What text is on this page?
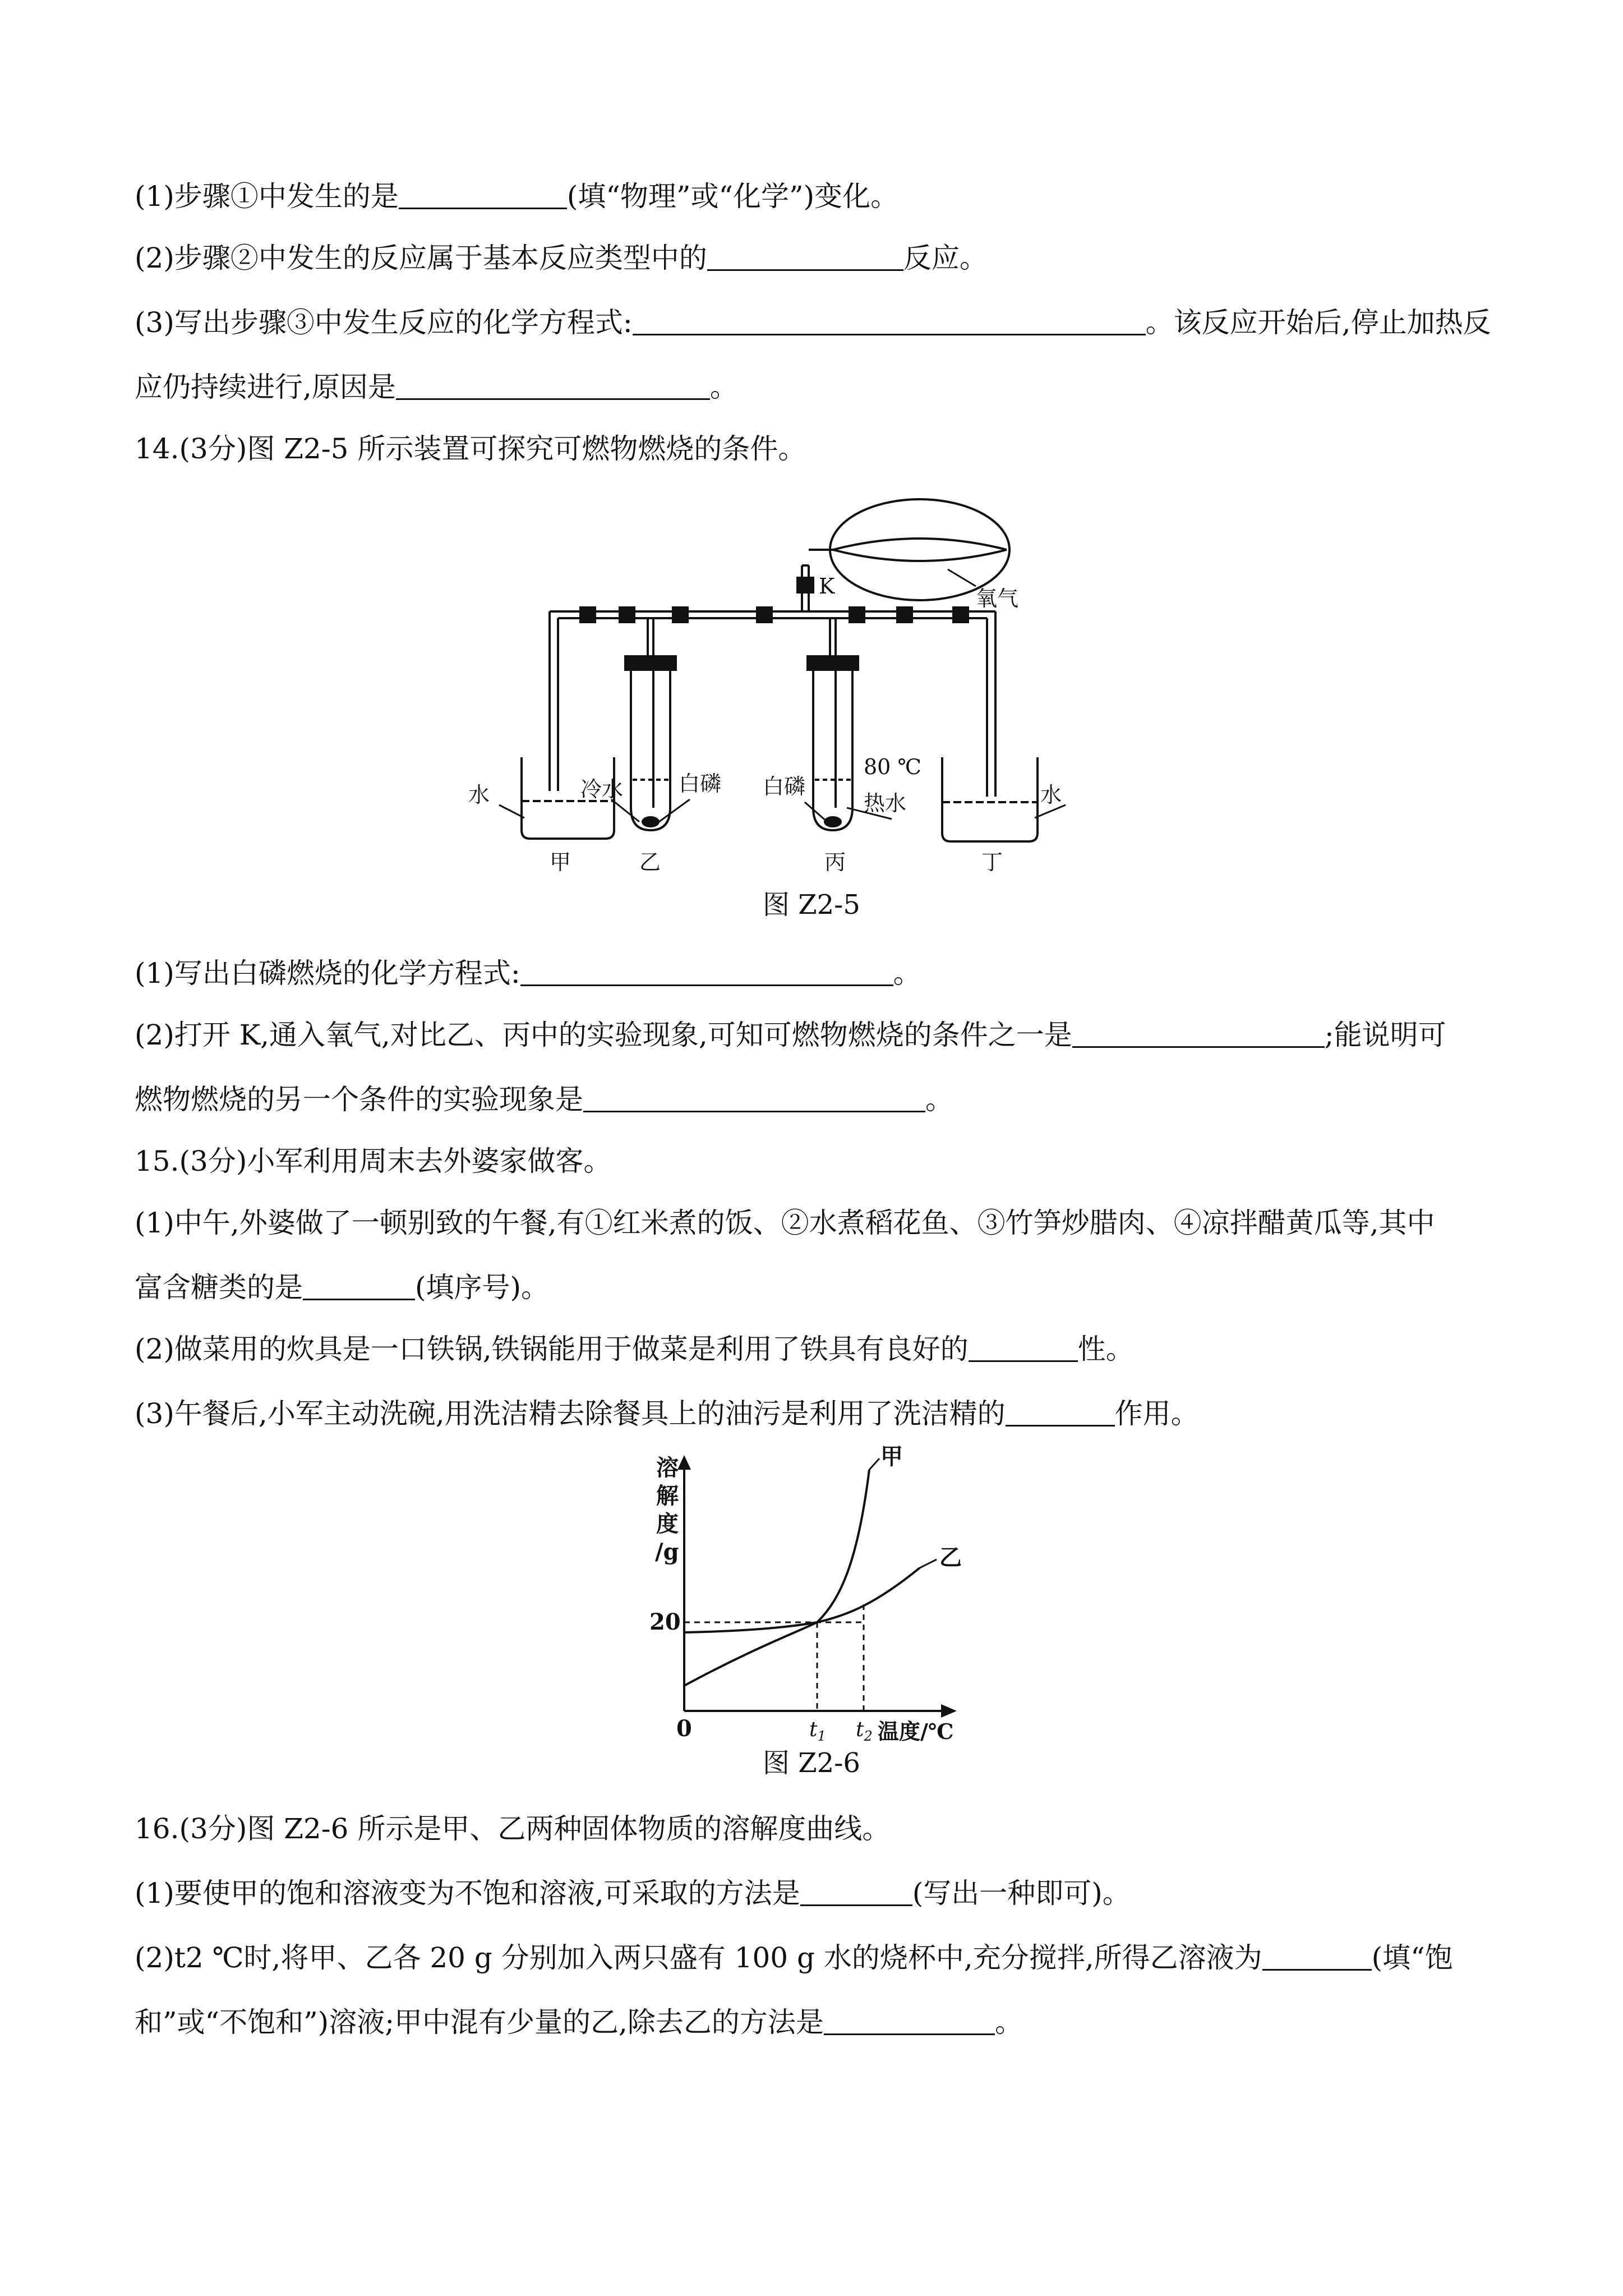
(1)步骤①中发生的是	(填“物理”或“化学”)变化。
(2)步骤②中发生的反应属于基本反应类型中的	反应。
(3)写出步骤③中发生反应的化学方程式:	。该反应开始后,停止加热反
应仍持续进行,原因是	。
14.(3分)图 Z2-5 所示装置可探究可燃物燃烧的条件。
K	氧气
水	冷水	白磷 白磷
80 ℃
热水	水
甲	乙	丙	丁
图 Z2-5
(1)写出白磷燃烧的化学方程式:	。
(2)打开 K,通入氧气,对比乙、丙中的实验现象,可知可燃物燃烧的条件之一是	;能说明可
燃物燃烧的另一个条件的实验现象是	。
15.(3分)小军利用周末去外婆家做客。
(1)中午,外婆做了一顿别致的午餐,有①红米煮的饭、②水煮稻花鱼、③竹笋炒腊肉、④凉拌醋黄瓜等,其中
富含糖类的是	(填序号)。
(2)做菜用的炊具是一口铁锅,铁锅能用于做菜是利用了铁具有良好的	性。
(3)午餐后,小军主动洗碗,用洗洁精去除餐具上的油污是利用了洗洁精的	作用。
溶
解
度
/g
20
0	温度/℃
甲
乙
$t_1$ $t_2$
图 Z2-6
16.(3分)图 Z2-6 所示是甲、乙两种固体物质的溶解度曲线。
(1)要使甲的饱和溶液变为不饱和溶液,可采取的方法是	(写出一种即可)。
(2)t2 ℃时,将甲、乙各 20 g 分别加入两只盛有 100 g 水的烧杯中,充分搅拌,所得乙溶液为	(填“饱
和”或“不饱和”)溶液;甲中混有少量的乙,除去乙的方法是	。
